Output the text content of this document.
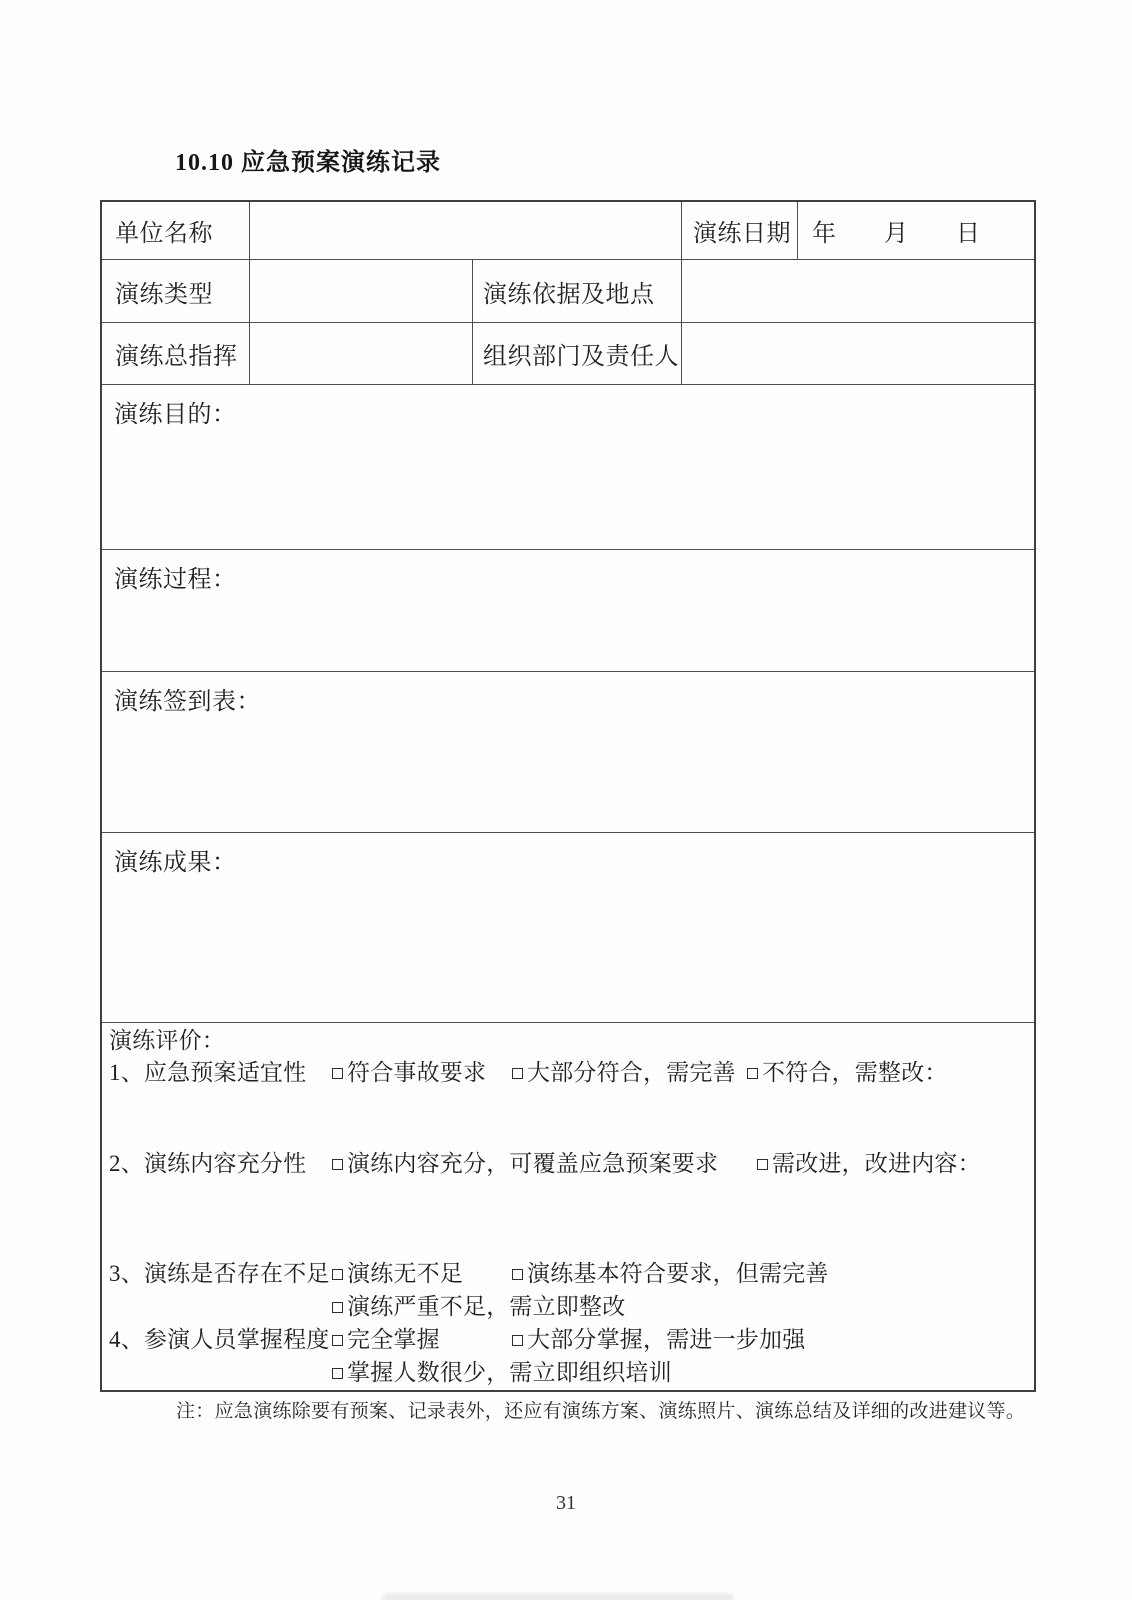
10.10 应急预案演练记录
单位名称	演练日期 年 月 日
演练类型	演练依据及地点
演练总指挥	组织部门及责任人
演练目的：
演练过程：
演练签到表：
演练成果：
演练评价：
1、应急预案适宜性	符合事故要求	大部分符合，需完善	不符合，需整改：
2、演练内容充分性	演练内容充分，可覆盖应急预案要求	需改进，改进内容：
3、演练是否存在不足 演练无不足	演练基本符合要求，但需完善
演练严重不足，需立即整改
4、参演人员掌握程度 完全掌握	大部分掌握，需进一步加强
掌握人数很少，需立即组织培训
注：应急演练除要有预案、记录表外，还应有演练方案、演练照片、演练总结及详细的改进建议等。
31
